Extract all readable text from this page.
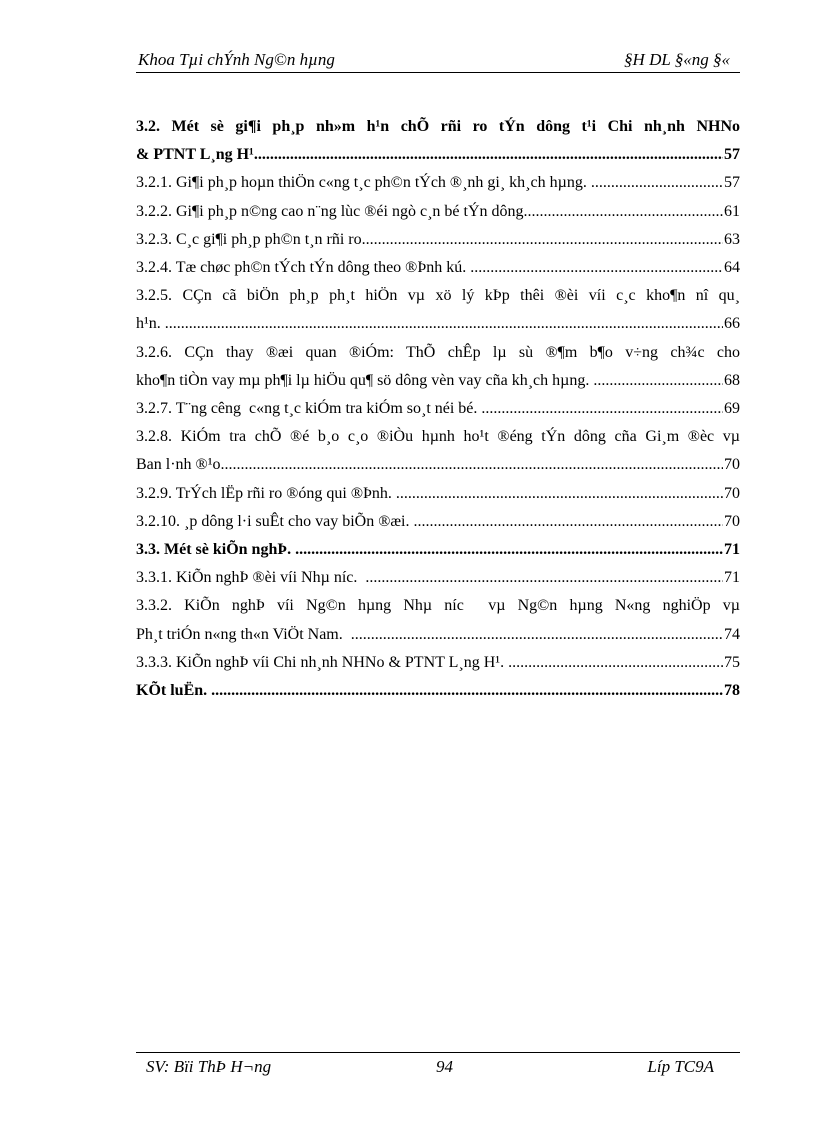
Khoa Tµi chÝnh Ng©n hµng	§H DL §«ng §«
3.2. Mét sè gi¶i ph¸p nh»m h¹n chÕ rñi ro tÝn dông t¹i Chi nh¸nh NHNo
& PTNT L¸ng H¹ .....	57
3.2.1. Gi¶i ph¸p hoµn thiÖn c«ng t¸c ph©n tÝch ®¸nh gi¸ kh¸ch hµng. .....	57
3.2.2. Gi¶i ph¸p n©ng cao n¨ng lùc ®éi ngò c¸n bé tÝn dông. .....	61
3.2.3. C¸c gi¶i ph¸p ph©n t¸n rñi ro .....	63
3.2.4. Tæ chøc ph©n tÝch tÝn dông theo ®Þnh kú. .....	64
3.2.5. CÇn cã biÖn ph¸p ph¸t hiÖn vµ xö lý kÞp thêi ®èi víi c¸c kho¶n nî qu¸
h¹n. .....	66
3.2.6. CÇn thay ®æi quan ®iÓm: ThÕ chÊp lµ sù ®¶m b¶o v÷ng ch¾c cho
kho¶n tiÒn vay mµ ph¶i lµ hiÖu qu¶ sö dông vèn vay cña kh¸ch hµng. .....	68
3.2.7. T¨ng cêng  c«ng t¸c kiÓm tra kiÓm so¸t néi bé. .....	69
3.2.8. KiÓm tra chÕ ®é b¸o c¸o ®iÒu hµnh ho¹t ®éng tÝn dông cña Gi¸m ®èc vµ
Ban l·nh ®¹o .....	70
3.2.9. TrÝch lËp rñi ro ®óng qui ®Þnh. .....	70
3.2.10. ¸p dông l·i suÊt cho vay biÕn ®æi. .....	70
3.3. Mét sè kiÕn nghÞ. .....	71
3.3.1. KiÕn nghÞ ®èi víi Nhµ níc. .....	71
3.3.2. KiÕn nghÞ víi Ng©n hµng Nhµ níc  vµ Ng©n hµng N«ng nghiÖp vµ
Ph¸t triÓn n«ng th«n ViÖt Nam. .....	74
3.3.3. KiÕn nghÞ víi Chi nh¸nh NHNo & PTNT L¸ng H¹. .....	75
KÕt luËn. .....	78
SV: Bïi ThÞ H¬ng	94	Líp TC9A
